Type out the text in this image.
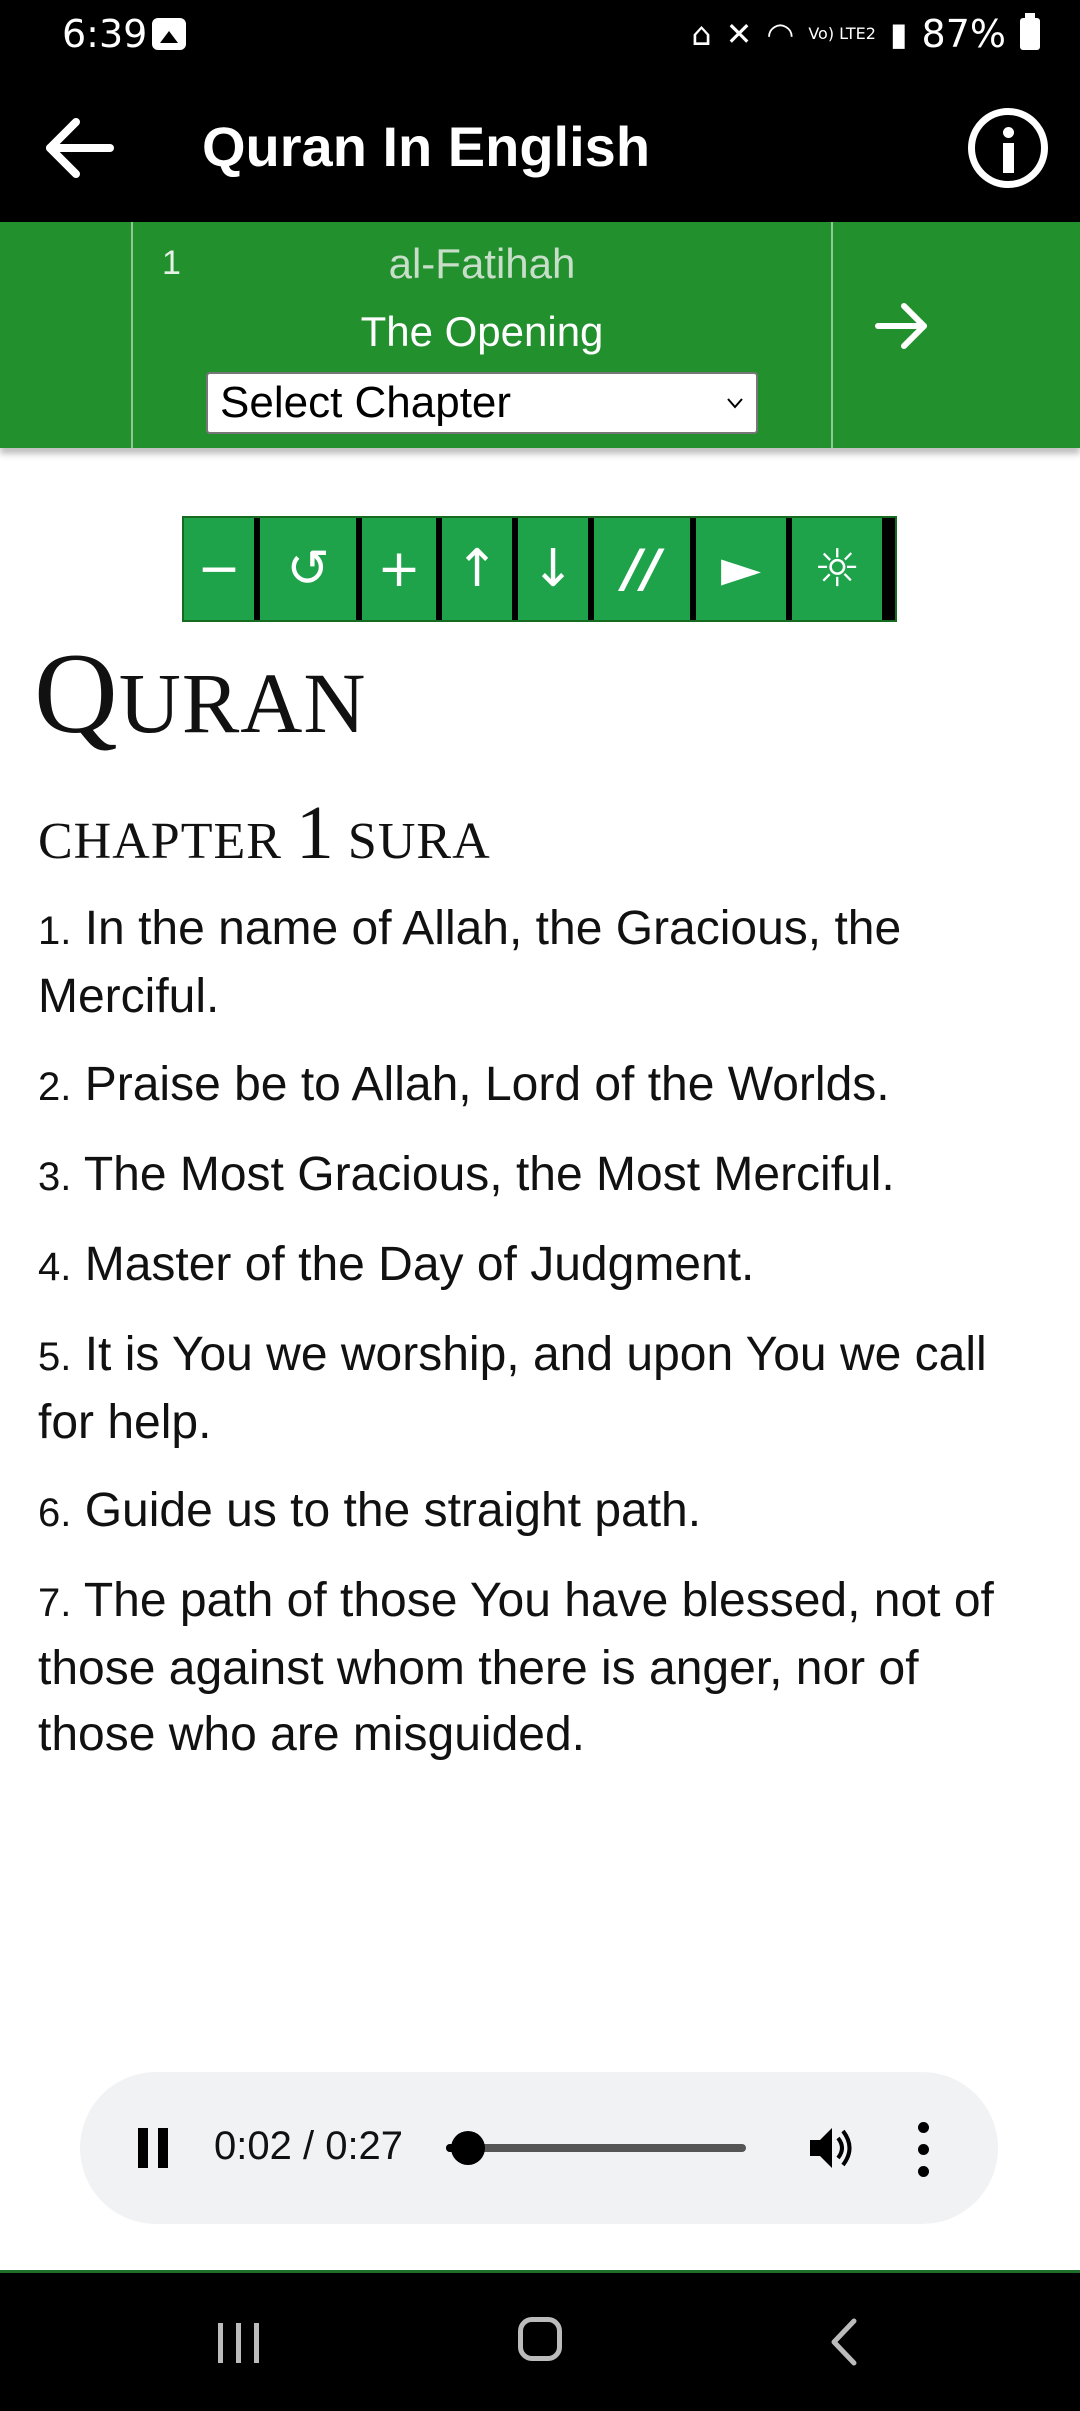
6:39	⌂ ✕ ◠ Vo) LTE2 ▮ 87%
Quran In English
1	al-Fatihah
The Opening
Select Chapter
− ↺ + ↑ ↓ //	►	☼
QURAN
CHAPTER 1 SURA

1. In the name of Allah, the Gracious, the Merciful.

2. Praise be to Allah, Lord of the Worlds.

3. The Most Gracious, the Most Merciful.

4. Master of the Day of Judgment.

5. It is You we worship, and upon You we call for help.

6. Guide us to the straight path.

7. The path of those You have blessed, not of those against whom there is anger, nor of those who are misguided.

0:02 / 0:27
